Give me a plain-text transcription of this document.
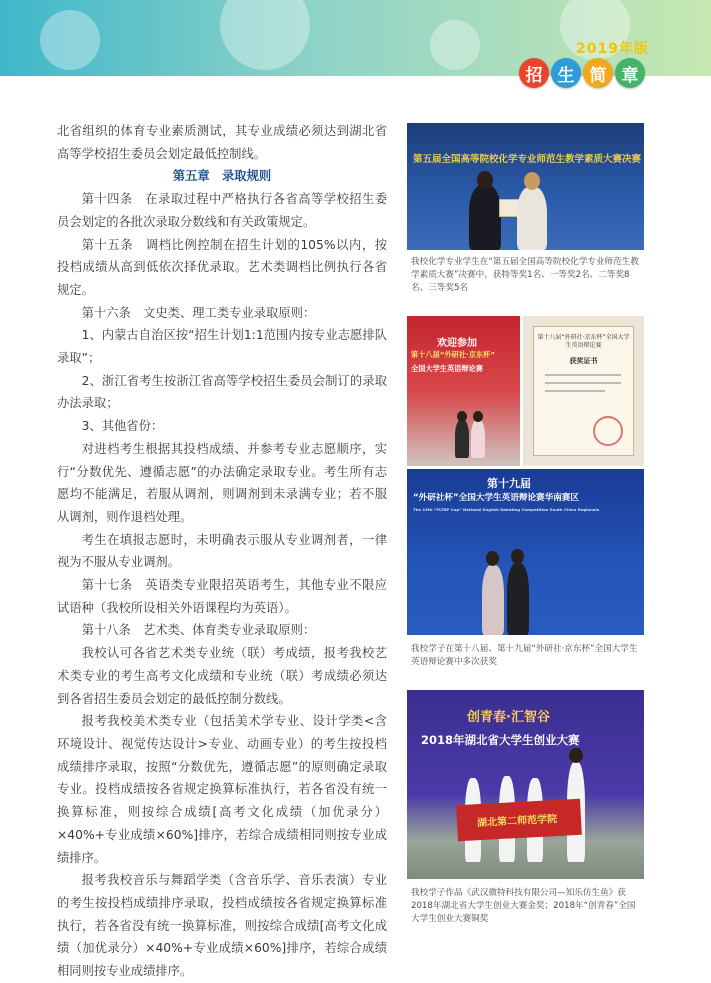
2019年版
招 生 简 章

北省组织的体育专业素质测试，其专业成绩必须达到湖北省高等学校招生委员会划定最低控制线。

第五章　录取规则

第十四条　在录取过程中严格执行各省高等学校招生委员会划定的各批次录取分数线和有关政策规定。

第十五条　调档比例控制在招生计划的105%以内，按投档成绩从高到低依次择优录取。艺术类调档比例执行各省规定。

第十六条　文史类、理工类专业录取原则：

1、内蒙古自治区按“招生计划1:1范围内按专业志愿排队录取”；

2、浙江省考生按浙江省高等学校招生委员会制订的录取办法录取；

3、其他省份：

对进档考生根据其投档成绩、并参考专业志愿顺序，实行“分数优先、遵循志愿”的办法确定录取专业。考生所有志愿均不能满足，若服从调剂，则调剂到未录满专业；若不服从调剂，则作退档处理。

考生在填报志愿时，未明确表示服从专业调剂者，一律视为不服从专业调剂。

第十七条　英语类专业限招英语考生，其他专业不限应试语种（我校所设相关外语课程均为英语）。

第十八条　艺术类、体育类专业录取原则：

我校认可各省艺术类专业统（联）考成绩，报考我校艺术类专业的考生高考文化成绩和专业统（联）考成绩必须达到各省招生委员会划定的最低控制分数线。

报考我校美术类专业（包括美术学专业、设计学类<含环境设计、视觉传达设计>专业、动画专业）的考生按投档成绩排序录取，按照“分数优先，遵循志愿”的原则确定录取专业。投档成绩按各省规定换算标准执行，若各省没有统一换算标准，则按综合成绩[高考文化成绩（加优录分）×40%+专业成绩×60%]排序，若综合成绩相同则按专业成绩排序。

报考我校音乐与舞蹈学类（含音乐学、音乐表演）专业的考生按投档成绩排序录取，投档成绩按各省规定换算标准执行，若各省没有统一换算标准，则按综合成绩[高考文化成绩（加优录分）×40%+专业成绩×60%]排序，若综合成绩相同则按专业成绩排序。

第五届全国高等院校化学专业师范生教学素质大赛决赛
我校化学专业学生在“第五届全国高等院校化学专业师范生教学素质大赛”决赛中，获特等奖1名、一等奖2名、二等奖8名、三等奖5名
欢迎参加
第十八届“外研社·京东杯”
全国大学生英语辩论赛
第十八届“外研社·京东杯”全国大学生英语辩论赛
获奖证书
第十九届
“外研社杯”全国大学生英语辩论赛华南赛区
The 19th “FLTRP Cup” National English Debating Competition South China Regionals
我校学子在第十八届、第十九届“外研社·京东杯”全国大学生英语辩论赛中多次获奖
创青春·汇智谷
2018年湖北省大学生创业大赛
湖北第二师范学院
我校学子作品《武汉微特科技有限公司—知乐仿生鱼》获2018年湖北省大学生创业大赛金奖；2018年“创青春”全国大学生创业大赛铜奖
